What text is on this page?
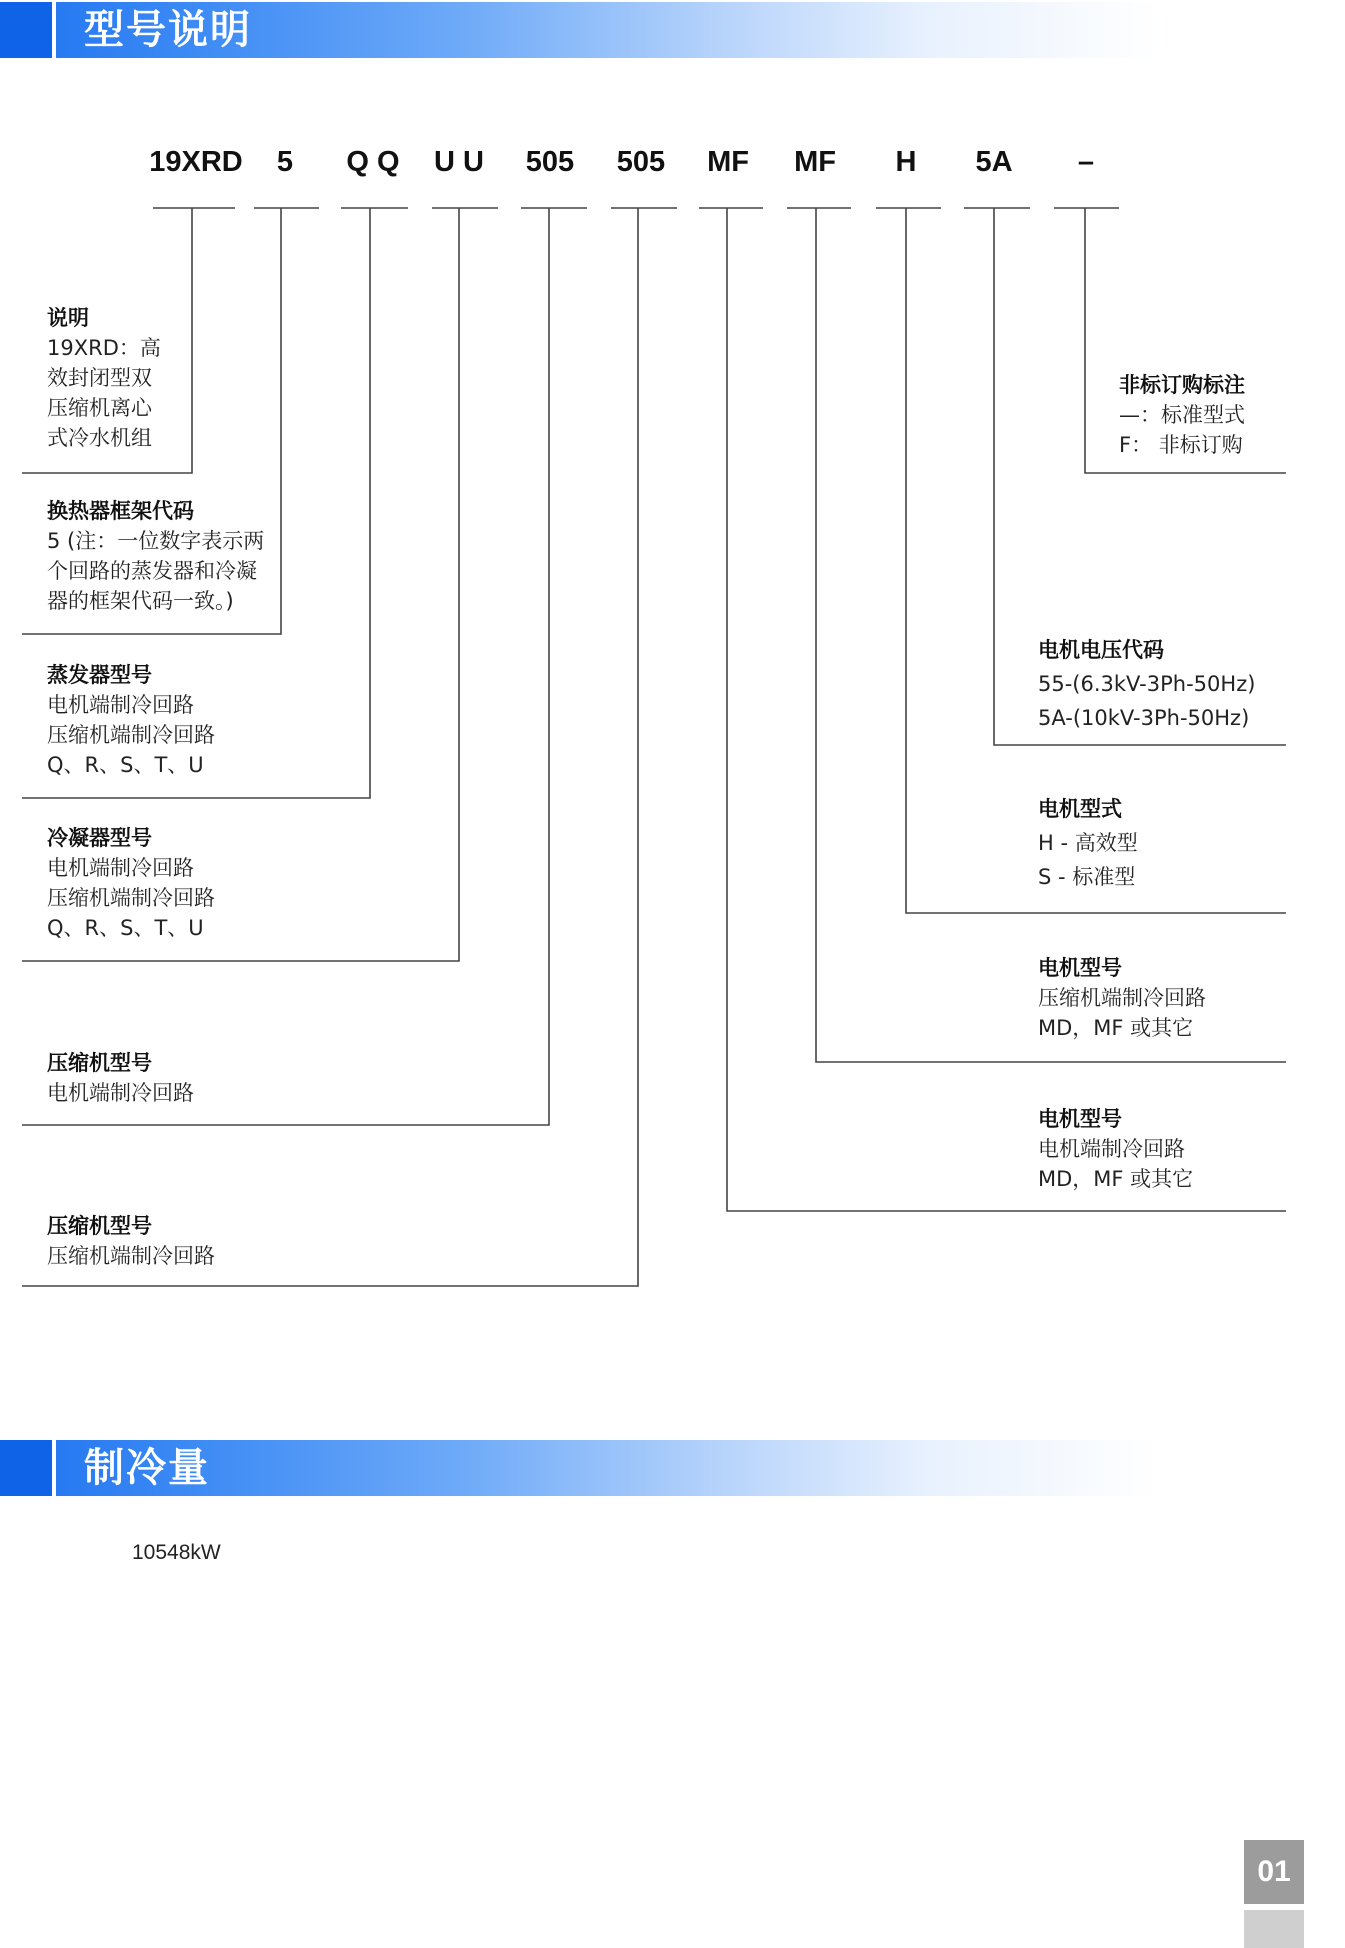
型号说明
19XRD 5 Q Q U U 505 505 MF MF H 5A –
说明
19XRD：高
效封闭型双
压缩机离心
式冷水机组
换热器框架代码
5 (注：一位数字表示两
个回路的蒸发器和冷凝
器的框架代码一致。)
蒸发器型号
电机端制冷回路
压缩机端制冷回路
Q、R、S、T、U
冷凝器型号
电机端制冷回路
压缩机端制冷回路
Q、R、S、T、U
压缩机型号
电机端制冷回路
压缩机型号
压缩机端制冷回路
非标订购标注
—：标准型式
F： 非标订购
电机电压代码
55-(6.3kV-3Ph-50Hz)
5A-(10kV-3Ph-50Hz)
电机型式
H - 高效型
S - 标准型
电机型号
压缩机端制冷回路
MD，MF 或其它
电机型号
电机端制冷回路
MD，MF 或其它
制冷量
10548kW
01
